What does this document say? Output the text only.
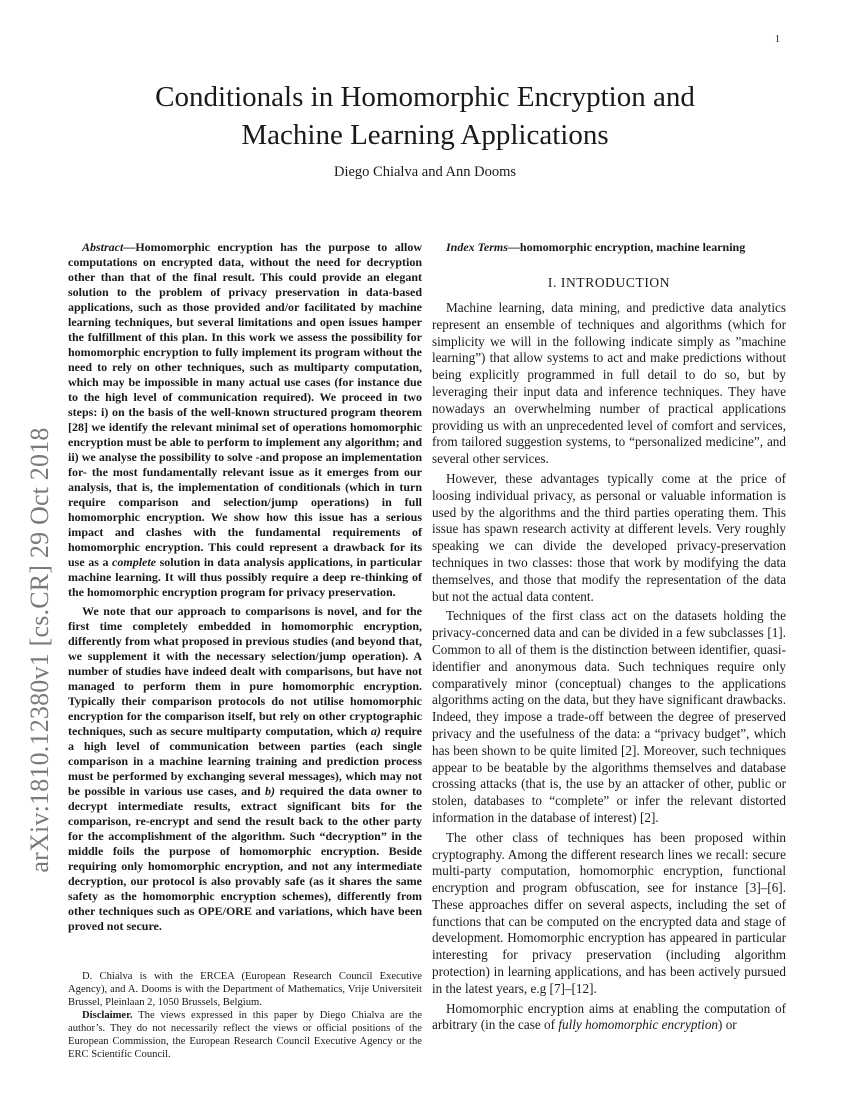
1
arXiv:1810.12380v1 [cs.CR] 29 Oct 2018
Conditionals in Homomorphic Encryption and
Machine Learning Applications
Diego Chialva and Ann Dooms

Abstract—Homomorphic encryption has the purpose to allow computations on encrypted data, without the need for decryption other than that of the final result. This could provide an elegant solution to the problem of privacy preservation in data-based applications, such as those provided and/or facilitated by machine learning techniques, but several limitations and open issues hamper the fulfillment of this plan. In this work we assess the possibility for homomorphic encryption to fully implement its program without the need to rely on other techniques, such as multiparty computation, which may be impossible in many actual use cases (for instance due to the high level of communication required). We proceed in two steps: i) on the basis of the well-known structured program theorem [28] we identify the relevant minimal set of operations homomorphic encryption must be able to perform to implement any algorithm; and ii) we analyse the possibility to solve -and propose an implementation for- the most fundamentally relevant issue as it emerges from our analysis, that is, the implementation of conditionals (which in turn require comparison and selection/jump operations) in full homomorphic encryption. We show how this issue has a serious impact and clashes with the fundamental requirements of homomorphic encryption. This could represent a drawback for its use as a complete solution in data analysis applications, in particular machine learning. It will thus possibly require a deep re-thinking of the homomorphic encryption program for privacy preservation.

We note that our approach to comparisons is novel, and for the first time completely embedded in homomorphic encryption, differently from what proposed in previous studies (and beyond that, we supplement it with the necessary selection/jump operation). A number of studies have indeed dealt with comparisons, but have not managed to perform them in pure homomorphic encryption. Typically their comparison protocols do not utilise homomorphic encryption for the comparison itself, but rely on other cryptographic techniques, such as secure multiparty computation, which a) require a high level of communication between parties (each single comparison in a machine learning training and prediction process must be performed by exchanging several messages), which may not be possible in various use cases, and b) required the data owner to decrypt intermediate results, extract significant bits for the comparison, re-encrypt and send the result back to the other party for the accomplishment of the algorithm. Such “decryption” in the middle foils the purpose of homomorphic encryption. Beside requiring only homomorphic encryption, and not any intermediate decryption, our protocol is also provably safe (as it shares the same safety as the homomorphic encryption schemes), differently from other techniques such as OPE/ORE and variations, which have been proved not secure.

D. Chialva is with the ERCEA (European Research Council Executive Agency), and A. Dooms is with the Department of Mathematics, Vrije Universiteit Brussel, Pleinlaan 2, 1050 Brussels, Belgium.

Disclaimer. The views expressed in this paper by Diego Chialva are the author’s. They do not necessarily reflect the views or official positions of the European Commission, the European Research Council Executive Agency or the ERC Scientific Council.

Index Terms—homomorphic encryption, machine learning

I. INTRODUCTION

Machine learning, data mining, and predictive data analytics represent an ensemble of techniques and algorithms (which for simplicity we will in the following indicate simply as ”machine learning”) that allow systems to act and make predictions without being explicitly programmed in full detail to do so, but by leveraging their input data and inference techniques. They have nowadays an overwhelming number of practical applications providing us with an unprecedented level of comfort and services, from tailored suggestion systems, to “personalized medicine”, and several other services.

However, these advantages typically come at the price of loosing individual privacy, as personal or valuable information is used by the algorithms and the third parties operating them. This issue has spawn research activity at different levels. Very roughly speaking we can divide the developed privacy-preservation techniques in two classes: those that work by modifying the data themselves, and those that modify the representation of the data but not the actual data content.

Techniques of the first class act on the datasets holding the privacy-concerned data and can be divided in a few subclasses [1]. Common to all of them is the distinction between identifier, quasi-identifier and anonymous data. Such techniques require only comparatively minor (conceptual) changes to the applications algorithms acting on the data, but they have significant drawbacks. Indeed, they impose a trade-off between the degree of preserved privacy and the usefulness of the data: a “privacy budget”, which has been shown to be quite limited [2]. Moreover, such techniques appear to be beatable by the algorithms themselves and database crossing attacks (that is, the use by an attacker of other, public or stolen, databases to “complete” or infer the relevant distorted information in the database of interest) [2].

The other class of techniques has been proposed within cryptography. Among the different research lines we recall: secure multi-party computation, homomorphic encryption, functional encryption and program obfuscation, see for instance [3]–[6]. These approaches differ on several aspects, including the set of functions that can be computed on the encrypted data and stage of development. Homomorphic encryption has appeared in particular interesting for privacy preservation (including algorithm protection) in learning applications, and has been actively pursued in the latest years, e.g [7]–[12].

Homomorphic encryption aims at enabling the computation of arbitrary (in the case of fully homomorphic encryption) or
